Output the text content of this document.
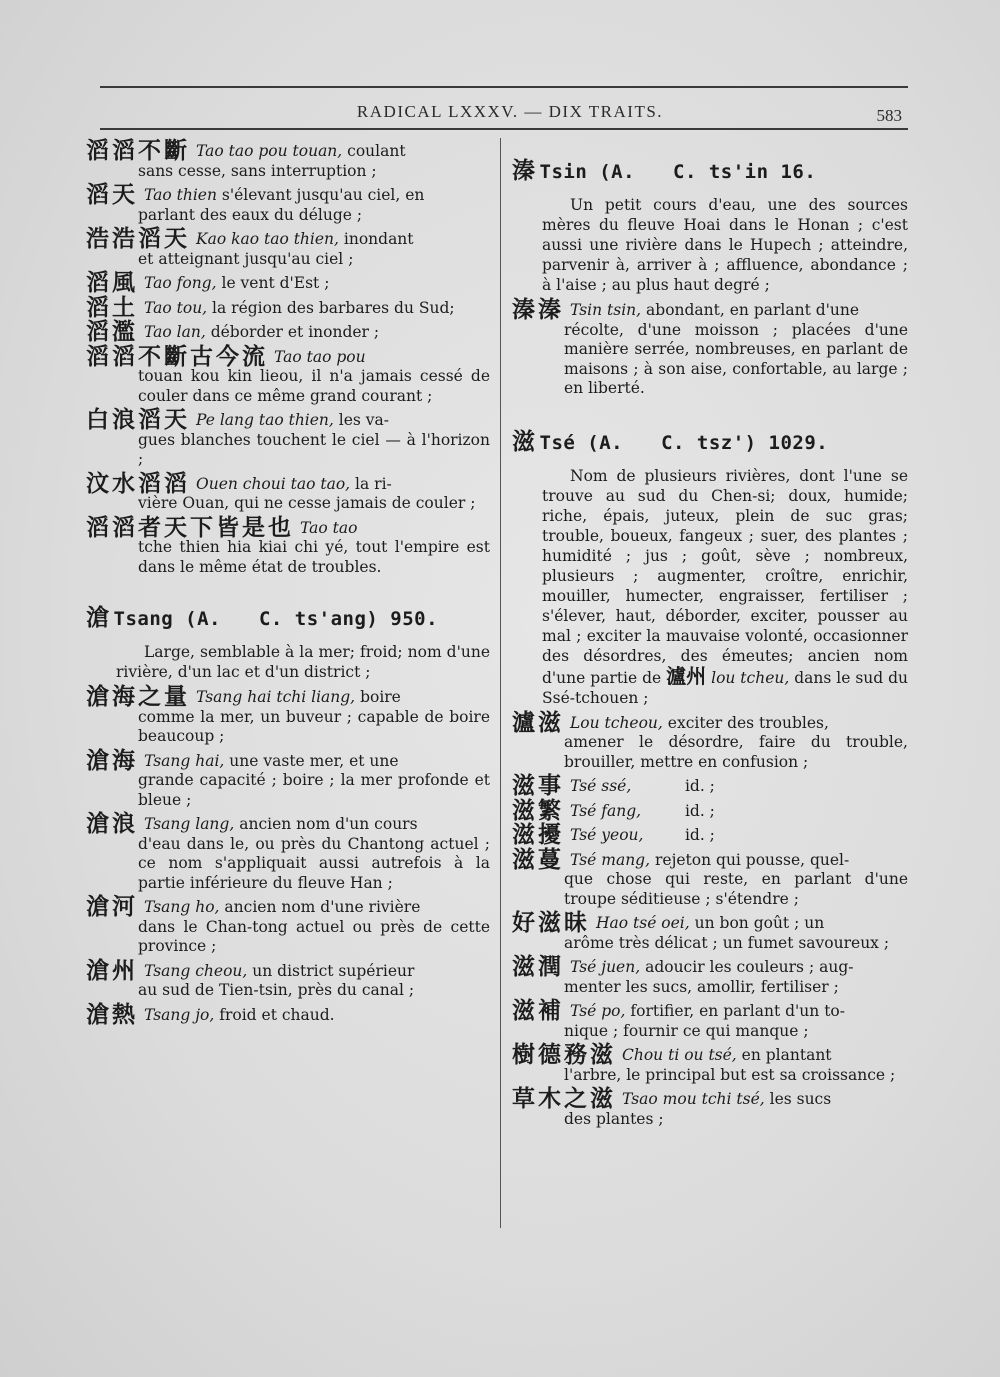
RADICAL LXXXV. — DIX TRAITS.	583
滔滔不斷 Tao tao pou touan, coulant
sans cesse, sans interruption ;
滔天 Tao thien s'élevant jusqu'au ciel, en
parlant des eaux du déluge ;
浩浩滔天 Kao kao tao thien, inondant
et atteignant jusqu'au ciel ;
滔風 Tao fong, le vent d'Est ;
滔土 Tao tou, la région des barbares du Sud;
滔濫 Tao lan, déborder et inonder ;
滔滔不斷古今流 Tao tao pou
touan kou kin lieou, il n'a jamais cessé de couler dans ce même grand courant ;
白浪滔天 Pe lang tao thien, les va-
gues blanches touchent le ciel — à l'horizon ;
汶水滔滔 Ouen choui tao tao, la ri-
vière Ouan, qui ne cesse jamais de couler ;
滔滔者天下皆是也 Tao tao
tche thien hia kiai chi yé, tout l'empire est dans le même état de troubles.
滄 Tsang (A. C. ts'ang) 950.
Large, semblable à la mer; froid; nom d'une rivière, d'un lac et d'un district ;
滄海之量 Tsang hai tchi liang, boire
comme la mer, un buveur ; capable de boire beaucoup ;
滄海 Tsang hai, une vaste mer, et une
grande capacité ; boire ; la mer profonde et bleue ;
滄浪 Tsang lang, ancien nom d'un cours
d'eau dans le, ou près du Chantong actuel ; ce nom s'appliquait aussi autrefois à la partie inférieure du fleuve Han ;
滄河 Tsang ho, ancien nom d'une rivière
dans le Chan-tong actuel ou près de cette province ;
滄州 Tsang cheou, un district supérieur
au sud de Tien-tsin, près du canal ;
滄熱 Tsang jo, froid et chaud.
溱 Tsin (A. C. ts'in 16.
Un petit cours d'eau, une des sources mères du fleuve Hoai dans le Honan ; c'est aussi une rivière dans le Hupech ; atteindre, parvenir à, arriver à ; affluence, abondance ; à l'aise ; au plus haut degré ;
溱溱 Tsin tsin, abondant, en parlant d'une
récolte, d'une moisson ; placées d'une manière serrée, nombreuses, en parlant de maisons ; à son aise, confortable, au large ; en liberté.
滋 Tsé (A. C. tsz') 1029.
Nom de plusieurs rivières, dont l'une se trouve au sud du Chen-si; doux, humide; riche, épais, juteux, plein de suc gras; trouble, boueux, fangeux ; suer, des plantes ; humidité ; jus ; goût, sève ; nombreux, plusieurs ; augmenter, croître, enrichir, mouiller, humecter, engraisser, fertiliser ; s'élever, haut, déborder, exciter, pousser au mal ; exciter la mauvaise volonté, occasionner des désordres, des émeutes; ancien nom d'une partie de 瀘州 lou tcheu, dans le sud du Ssé-tchouen ;
瀘滋 Lou tcheou, exciter des troubles,
amener le désordre, faire du trouble, brouiller, mettre en confusion ;
滋事 Tsé ssé,	id. ;
滋繁 Tsé fang,	id. ;
滋擾 Tsé yeou,	id. ;
滋蔓 Tsé mang, rejeton qui pousse, quel-
que chose qui reste, en parlant d'une troupe séditieuse ; s'étendre ;
好滋昧 Hao tsé oei, un bon goût ; un
arôme très délicat ; un fumet savoureux ;
滋潤 Tsé juen, adoucir les couleurs ; aug-
menter les sucs, amollir, fertiliser ;
滋補 Tsé po, fortifier, en parlant d'un to-
nique ; fournir ce qui manque ;
樹德務滋 Chou ti ou tsé, en plantant
l'arbre, le principal but est sa croissance ;
草木之滋 Tsao mou tchi tsé, les sucs
des plantes ;
